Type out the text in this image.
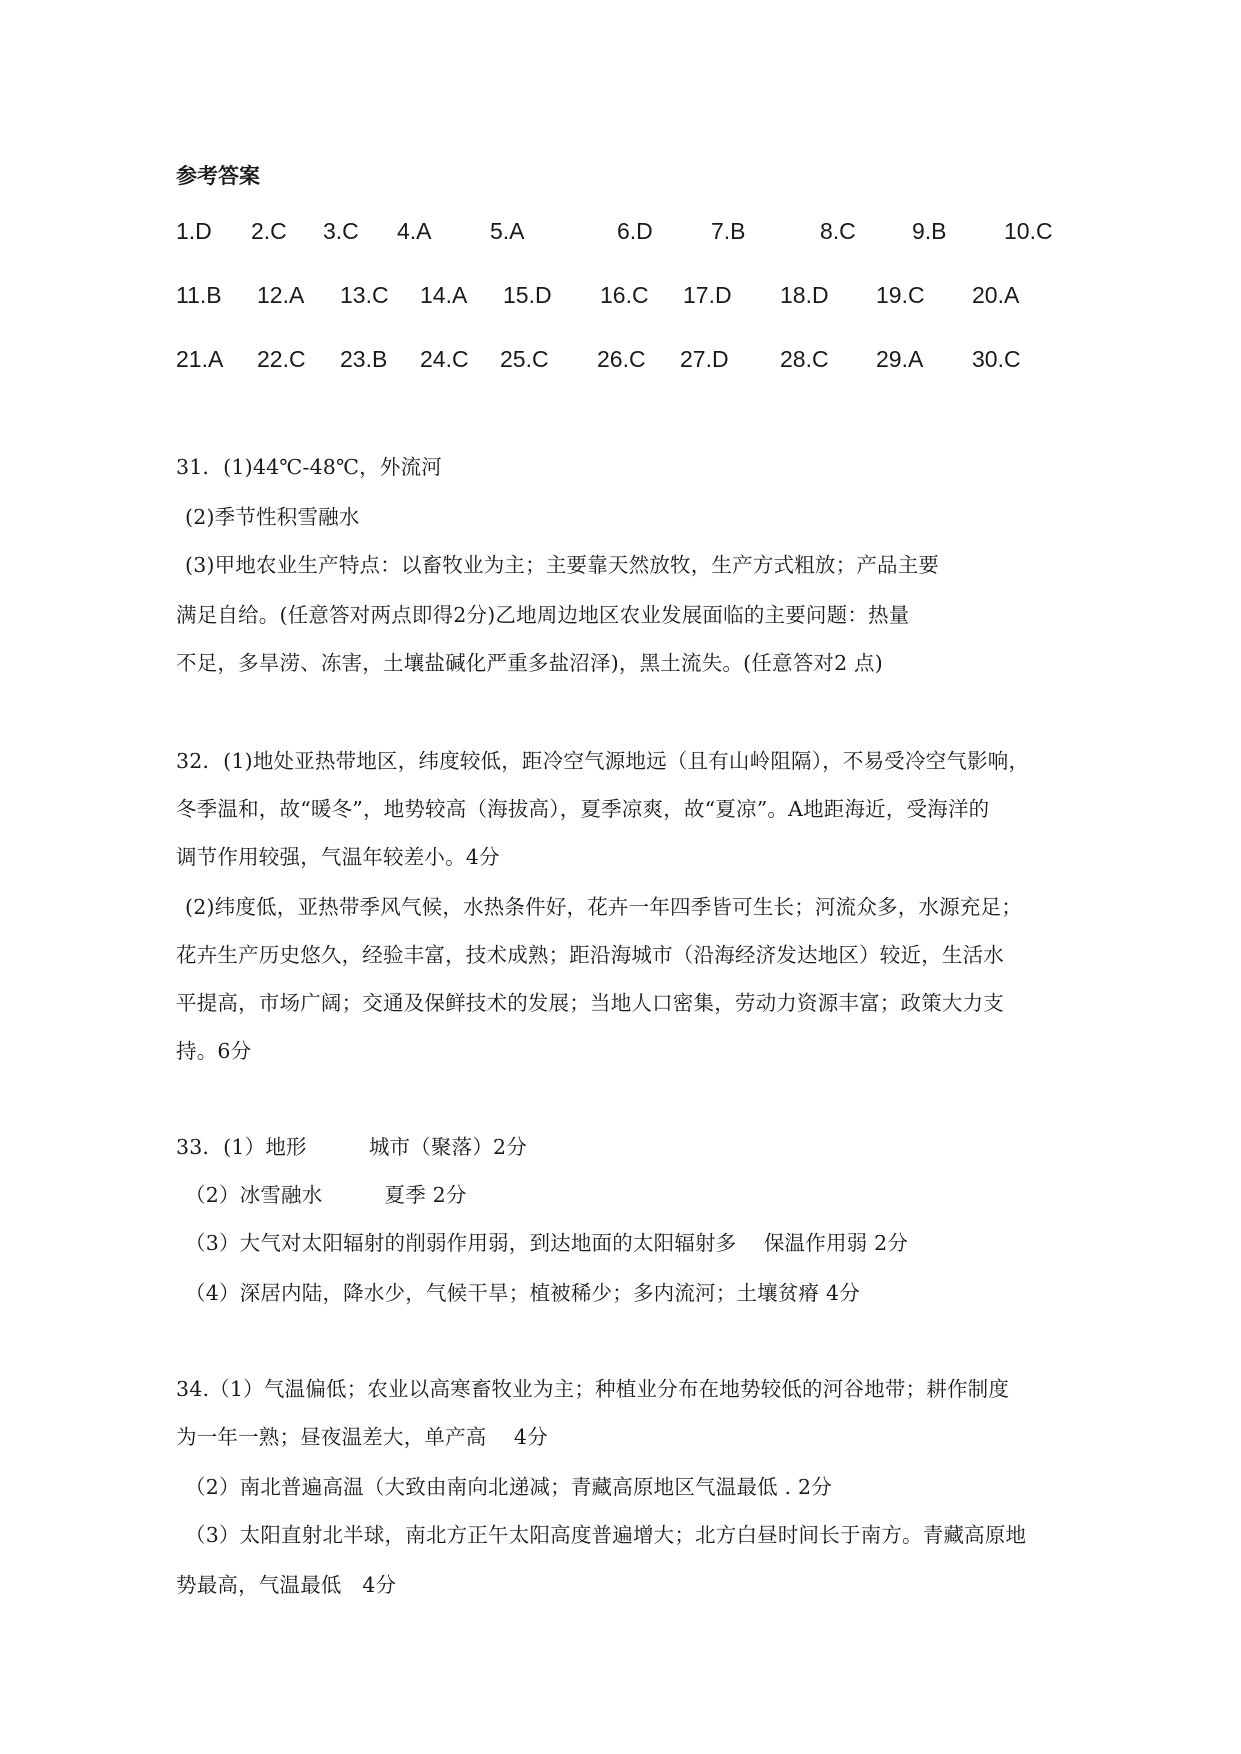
参考答案
1.D 2.C 3.C 4.A	5.A	6.D	7.B	8.C 9.B 10.C
11.B 12.A 13.C 14.A 15.D 16.C 17.D 18.D 19.C 20.A
21.A 22.C 23.B 24.C 25.C 26.C 27.D 28.C 29.A 30.C
31．(1)44℃-48℃，外流河
(2)季节性积雪融水
(3)甲地农业生产特点：以畜牧业为主；主要靠天然放牧，生产方式粗放；产品主要
满足自给。(任意答对两点即得2分)乙地周边地区农业发展面临的主要问题：热量
不足，多旱涝、冻害，土壤盐碱化严重多盐沼泽)，黑土流失。(任意答对2 点)
32．(1)地处亚热带地区，纬度较低，距冷空气源地远（且有山岭阻隔），不易受冷空气影响，
冬季温和，故“暖冬”，地势较高（海拔高），夏季凉爽，故“夏凉”。A地距海近，受海洋的
调节作用较强，气温年较差小。4分
(2)纬度低，亚热带季风气候，水热条件好，花卉一年四季皆可生长；河流众多，水源充足；
花卉生产历史悠久，经验丰富，技术成熟；距沿海城市（沿海经济发达地区）较近，生活水
平提高，市场广阔；交通及保鲜技术的发展；当地人口密集，劳动力资源丰富；政策大力支
持。6分
33．(1）地形　　　城市（聚落）2分
（2）冰雪融水　　　夏季 2分
（3）大气对太阳辐射的削弱作用弱，到达地面的太阳辐射多　 保温作用弱 2分
（4）深居内陆，降水少，气候干旱；植被稀少；多内流河；土壤贫瘠 4分
34.（1）气温偏低；农业以高寒畜牧业为主；种植业分布在地势较低的河谷地带；耕作制度
为一年一熟；昼夜温差大，单产高　 4分
（2）南北普遍高温（大致由南向北递减；青藏高原地区气温最低 . 2分
（3）太阳直射北半球，南北方正午太阳高度普遍增大；北方白昼时间长于南方。青藏高原地
势最高，气温最低　4分
